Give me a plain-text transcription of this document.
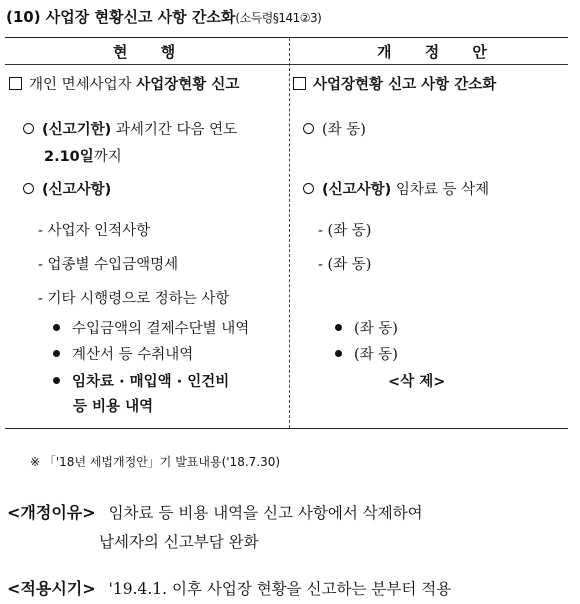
(10) 사업장 현황신고 사항 간소화(소득령§141②3)
현 행	개 정 안
개인 면세사업자 사업장현황 신고
(신고기한) 과세기간 다음 연도
2.10일까지
(신고사항)
- 사업자 인적사항
- 업종별 수입금액명세
- 기타 시행령으로 정하는 사항
수입금액의 결제수단별 내역
계산서 등 수취내역
임차료 · 매입액 · 인건비
등 비용 내역
사업장현황 신고 사항 간소화
(좌 동)
(신고사항) 임차료 등 삭제
- (좌 동)
- (좌 동)
(좌 동)
(좌 동)
<삭 제>
※ 「'18년 세법개정안」기 발표내용('18.7.30)
<개정이유> 임차료 등 비용 내역을 신고 사항에서 삭제하여
납세자의 신고부담 완화
<적용시기> '19.4.1. 이후 사업장 현황을 신고하는 분부터 적용
